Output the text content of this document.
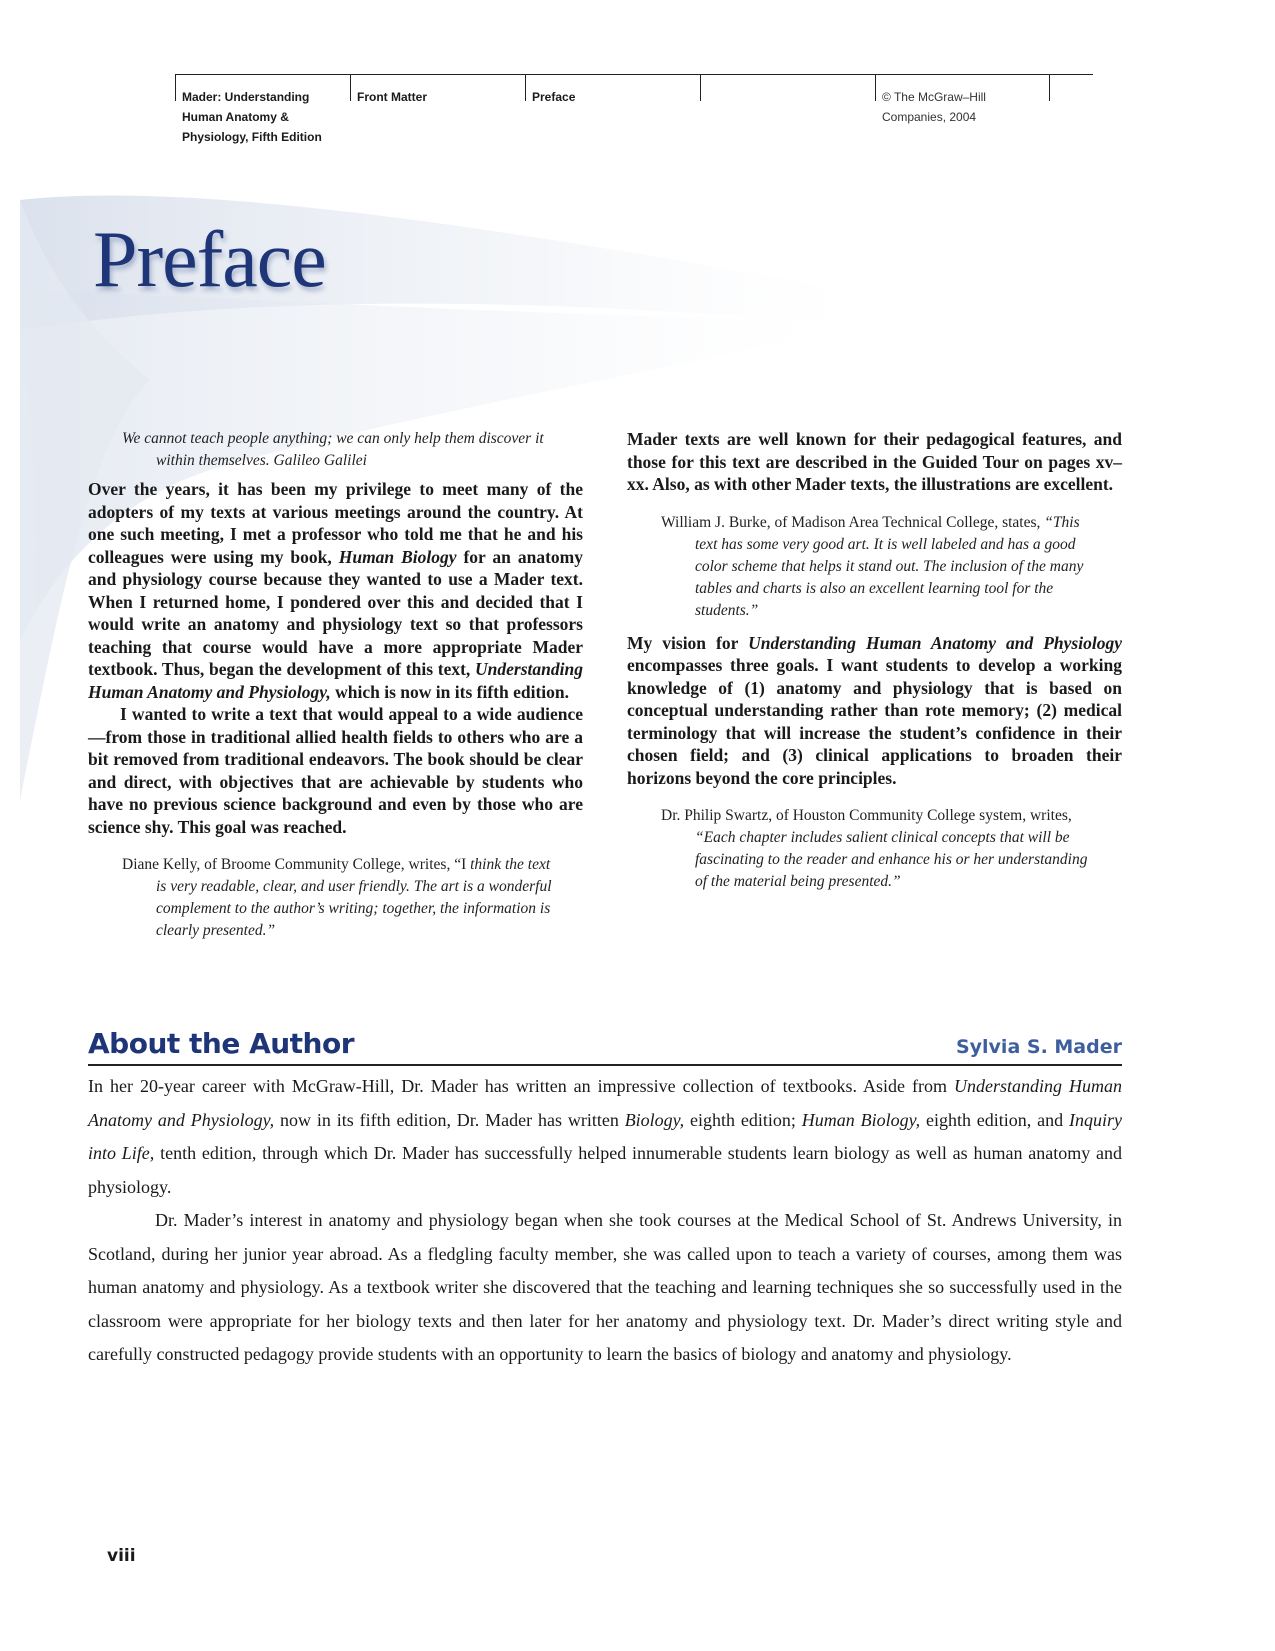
Mader: Understanding
Human Anatomy &
Physiology, Fifth Edition
Front Matter	Preface	© The McGraw–Hill
Companies, 2004
Preface

We cannot teach people anything; we can only help them discover it within themselves. Galileo Galilei

Over the years, it has been my privilege to meet many of the adopters of my texts at various meetings around the country. At one such meeting, I met a professor who told me that he and his colleagues were using my book, Human Biology for an anatomy and physiology course because they wanted to use a Mader text. When I returned home, I pondered over this and decided that I would write an anatomy and physiology text so that professors teaching that course would have a more appropriate Mader textbook. Thus, began the development of this text, Understanding Human Anatomy and Physiology, which is now in its fifth edition.

I wanted to write a text that would appeal to a wide audience—from those in traditional allied health fields to others who are a bit removed from traditional endeavors. The book should be clear and direct, with objectives that are achievable by students who have no previous science background and even by those who are science shy. This goal was reached.

Diane Kelly, of Broome Community College, writes, “I think the text is very readable, clear, and user friendly. The art is a wonderful complement to the author’s writing; together, the information is clearly presented.”

Mader texts are well known for their pedagogical features, and those for this text are described in the Guided Tour on pages xv–xx. Also, as with other Mader texts, the illustrations are excellent.

William J. Burke, of Madison Area Technical College, states, “This text has some very good art. It is well labeled and has a good color scheme that helps it stand out. The inclusion of the many tables and charts is also an excellent learning tool for the students.”

My vision for Understanding Human Anatomy and Physiology encompasses three goals. I want students to develop a working knowledge of (1) anatomy and physiology that is based on conceptual understanding rather than rote memory; (2) medical terminology that will increase the student’s confidence in their chosen field; and (3) clinical applications to broaden their horizons beyond the core principles.

Dr. Philip Swartz, of Houston Community College system, writes, “Each chapter includes salient clinical concepts that will be fascinating to the reader and enhance his or her understanding of the material being presented.”

About the Author	Sylvia S. Mader

In her 20-year career with McGraw-Hill, Dr. Mader has written an impressive collection of textbooks. Aside from Understanding Human Anatomy and Physiology, now in its fifth edition, Dr. Mader has written Biology, eighth edition; Human Biology, eighth edition, and Inquiry into Life, tenth edition, through which Dr. Mader has successfully helped innumerable students learn biology as well as human anatomy and physiology.

Dr. Mader’s interest in anatomy and physiology began when she took courses at the Medical School of St. Andrews University, in Scotland, during her junior year abroad. As a fledgling faculty member, she was called upon to teach a variety of courses, among them was human anatomy and physiology. As a textbook writer she discovered that the teaching and learning techniques she so successfully used in the classroom were appropriate for her biology texts and then later for her anatomy and physiology text. Dr. Mader’s direct writing style and carefully constructed pedagogy provide students with an opportunity to learn the basics of biology and anatomy and physiology.

viii
